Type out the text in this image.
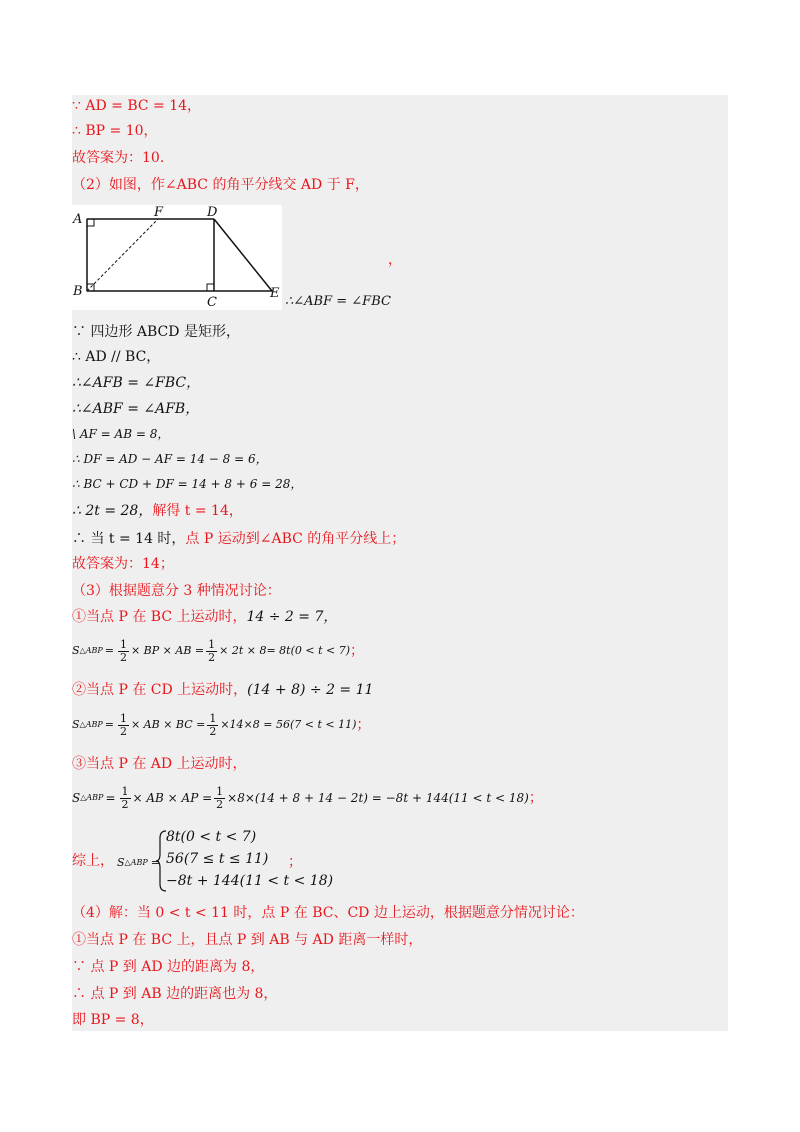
∵ AD = BC = 14，
∴ BP = 10，
故答案为：10.
（2）如图，作∠ABC 的角平分线交 AD 于 F，
A	F	D
B
C
E
，
∴∠ABF = ∠FBC
∵ 四边形 ABCD 是矩形，
∴ AD // BC，
∴∠AFB = ∠FBC，
∴∠ABF = ∠AFB，
\ AF = AB = 8，
∴ DF = AD − AF = 14 − 8 = 6，
∴ BC + CD + DF = 14 + 8 + 6 = 28，
∴ 2t = 28，解得 t = 14，
∴ 当 t = 14 时，点 P 运动到∠ABC 的角平分线上；
故答案为：14；
（3）根据题意分 3 种情况讨论：
①当点 P 在 BC 上运动时，14 ÷ 2 = 7，
S △ABP = $\frac{1}{2}$ × BP × AB = $\frac{1}{2} \times 2t \times 8 = 8t(0 < t < 7)$ ；
②当点 P 在 CD 上运动时，(14 + 8) ÷ 2 = 11
S △ABP = $\frac{1}{2}$ × AB × BC = $\frac{1}{2} \times 14\times 8 = 56(7 < t < 11)$ ；
③当点 P 在 AD 上运动时，
S △ABP = $\frac{1}{2}$ × AB × AP = $\frac{1}{2} \times 8\times(14 + 8 + 14 - 2t) = -8t + 144(11 < t < 18)$ ；
综上， S △ABP =
8t(0 < t < 7)
56(7 ≤ t ≤ 11)
−8t + 144(11 < t < 18)
；
（4）解：当 0 < t < 11 时，点 P 在 BC、CD 边上运动，根据题意分情况讨论：
①当点 P 在 BC 上，且点 P 到 AB 与 AD 距离一样时，
∵ 点 P 到 AD 边的距离为 8，
∴ 点 P 到 AB 边的距离也为 8，
即 BP = 8，
